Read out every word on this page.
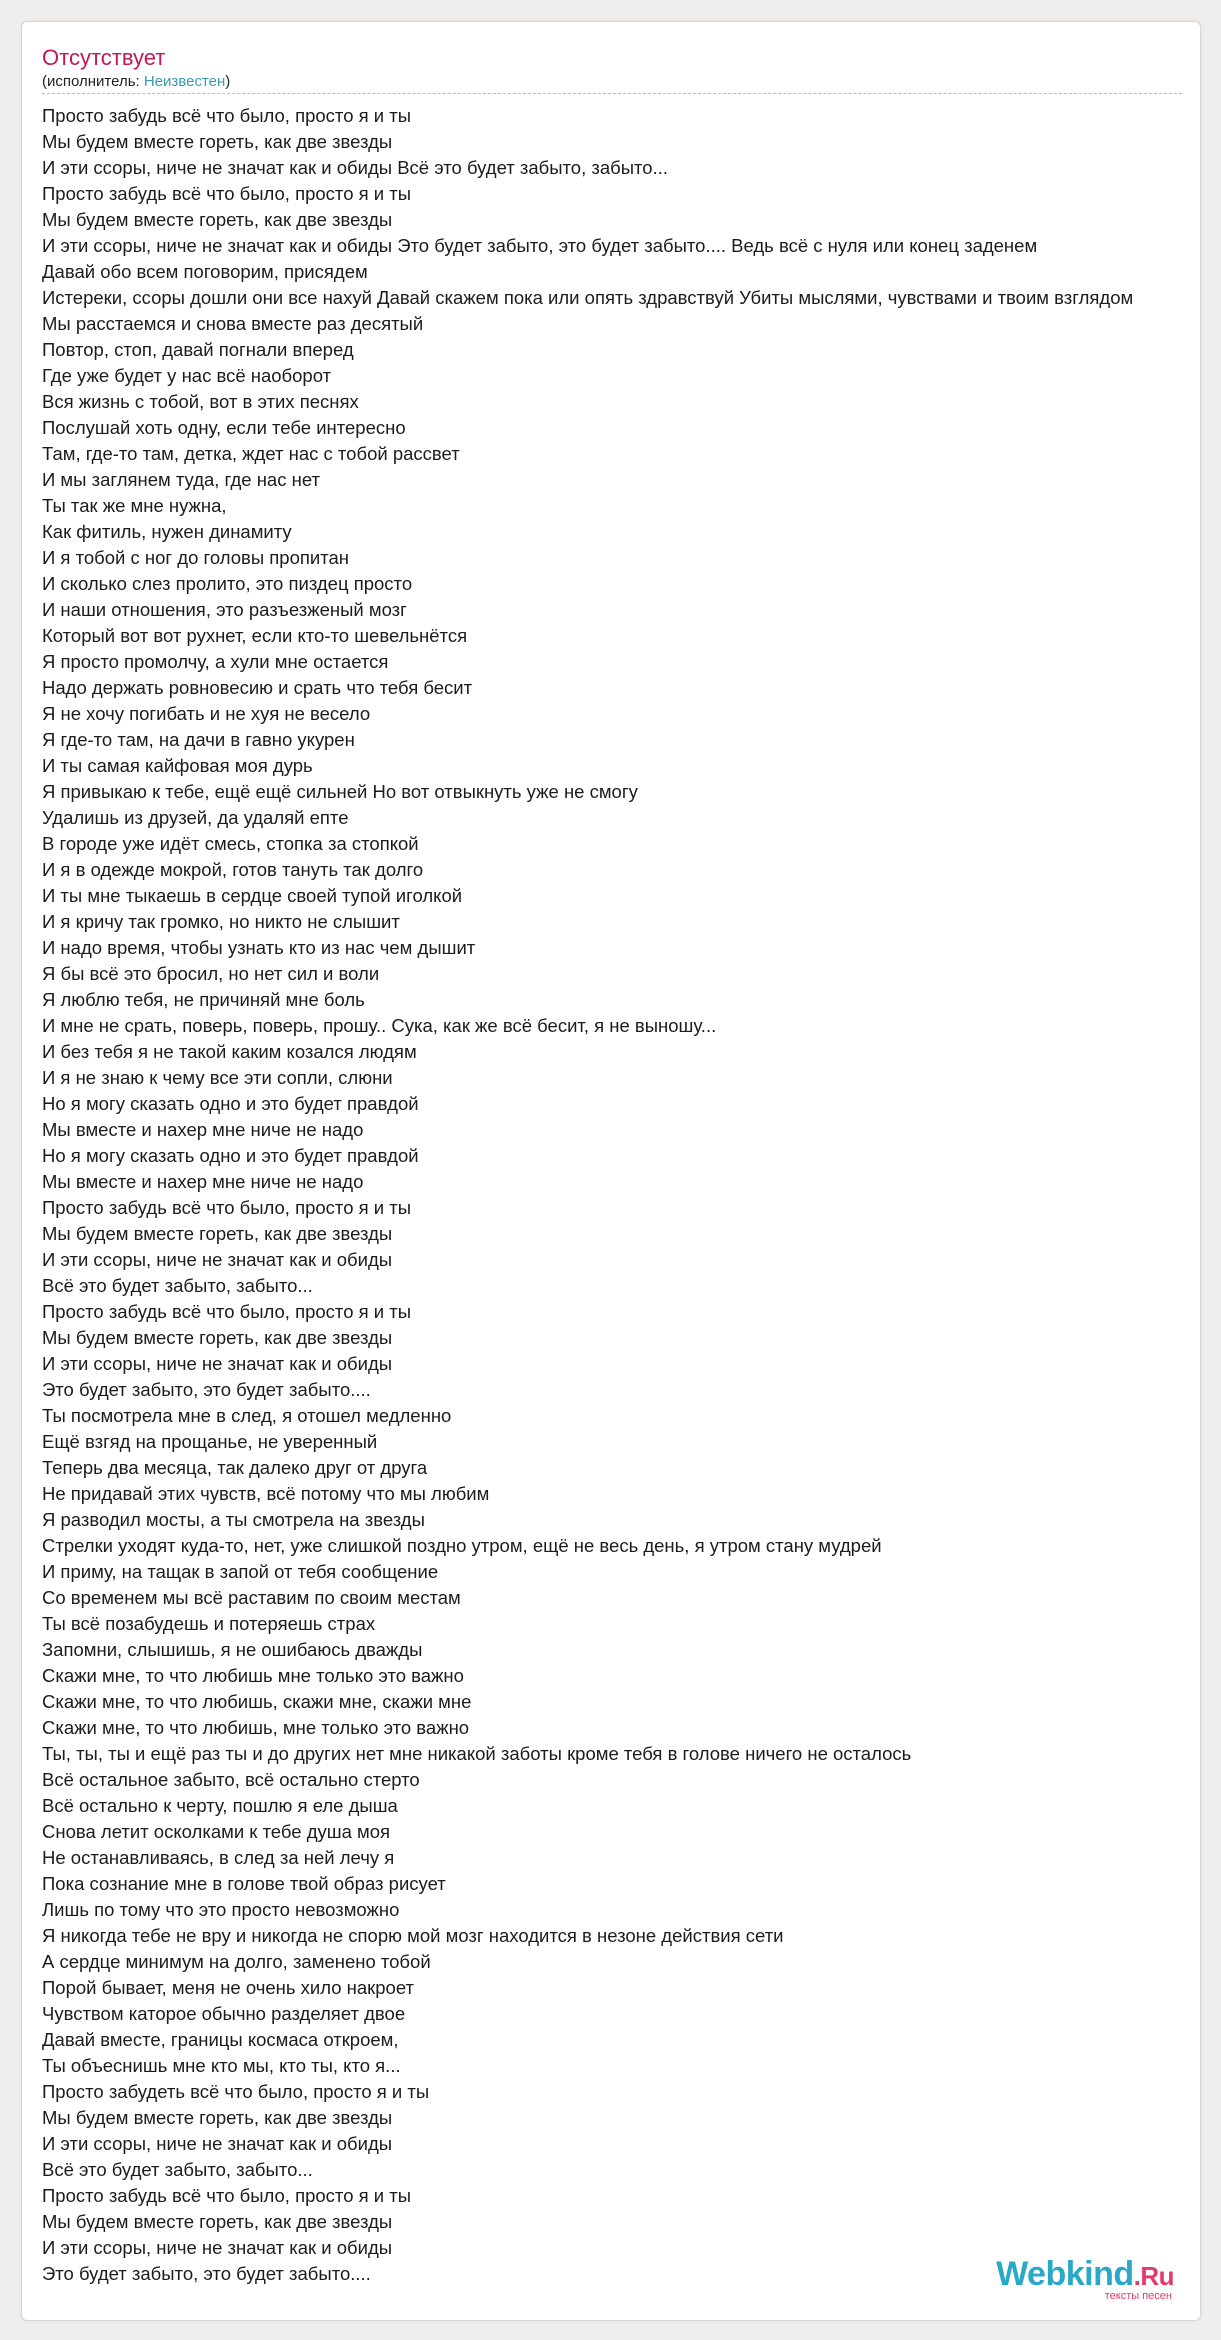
Отсутствует
(исполнитель: Неизвестен)
Просто забудь всё что было, просто я и ты
Мы будем вместе гореть, как две звезды
И эти ссоры, ниче не значат как и обиды Всё это будет забыто, забыто...
Просто забудь всё что было, просто я и ты
Мы будем вместе гореть, как две звезды
И эти ссоры, ниче не значат как и обиды Это будет забыто, это будет забыто.... Ведь всё с нуля или конец заденем
Давай обо всем поговорим, присядем
Истереки, ссоры дошли они все нахуй Давай скажем пока или опять здравствуй Убиты мыслями, чувствами и твоим взглядом
Мы расстаемся и снова вместе раз десятый
Повтор, стоп, давай погнали вперед
Где уже будет у нас всё наоборот
Вся жизнь с тобой, вот в этих песнях
Послушай хоть одну, если тебе интересно
Там, где-то там, детка, ждет нас с тобой рассвет
И мы заглянем туда, где нас нет
Ты так же мне нужна,
Как фитиль, нужен динамиту
И я тобой с ног до головы пропитан
И сколько слез пролито, это пиздец просто
И наши отношения, это разъезженый мозг
Который вот вот рухнет, если кто-то шевельнётся
Я просто промолчу, а хули мне остается
Надо держать ровновесию и срать что тебя бесит
Я не хочу погибать и не хуя не весело
Я где-то там, на дачи в гавно укурен
И ты самая кайфовая моя дурь
Я привыкаю к тебе, ещё ещё сильней Но вот отвыкнуть уже не смогу
Удалишь из друзей, да удаляй епте
В городе уже идёт смесь, стопка за стопкой
И я в одежде мокрой, готов тануть так долго
И ты мне тыкаешь в сердце своей тупой иголкой
И я кричу так громко, но никто не слышит
И надо время, чтобы узнать кто из нас чем дышит
Я бы всё это бросил, но нет сил и воли
Я люблю тебя, не причиняй мне боль
И мне не срать, поверь, поверь, прошу.. Сука, как же всё бесит, я не выношу...
И без тебя я не такой каким козался людям
И я не знаю к чему все эти сопли, слюни
Но я могу сказать одно и это будет правдой
Мы вместе и нахер мне ниче не надо
Но я могу сказать одно и это будет правдой
Мы вместе и нахер мне ниче не надо
Просто забудь всё что было, просто я и ты
Мы будем вместе гореть, как две звезды
И эти ссоры, ниче не значат как и обиды
Всё это будет забыто, забыто...
Просто забудь всё что было, просто я и ты
Мы будем вместе гореть, как две звезды
И эти ссоры, ниче не значат как и обиды
Это будет забыто, это будет забыто....
Ты посмотрела мне в след, я отошел медленно
Ещё взгяд на прощанье, не уверенный
Теперь два месяца, так далеко друг от друга
Не придавай этих чувств, всё потому что мы любим
Я разводил мосты, а ты смотрела на звезды
Стрелки уходят куда-то, нет, уже слишкой поздно утром, ещё не весь день, я утром стану мудрей
И приму, на тащак в запой от тебя сообщение
Со временем мы всё раставим по своим местам
Ты всё позабудешь и потеряешь страх
Запомни, слышишь, я не ошибаюсь дважды
Скажи мне, то что любишь мне только это важно
Скажи мне, то что любишь, скажи мне, скажи мне
Скажи мне, то что любишь, мне только это важно
Ты, ты, ты и ещё раз ты и до других нет мне никакой заботы кроме тебя в голове ничего не осталось
Всё остальное забыто, всё остально стерто
Всё остально к черту, пошлю я еле дыша
Снова летит осколками к тебе душа моя
Не останавливаясь, в след за ней лечу я
Пока сознание мне в голове твой образ рисует
Лишь по тому что это просто невозможно
Я никогда тебе не вру и никогда не спорю мой мозг находится в незоне действия сети
А сердце минимум на долго, заменено тобой
Порой бывает, меня не очень хило накроет
Чувством каторое обычно разделяет двое
Давай вместе, границы космаса откроем,
Ты объеснишь мне кто мы, кто ты, кто я...
Просто забудеть всё что было, просто я и ты
Мы будем вместе гореть, как две звезды
И эти ссоры, ниче не значат как и обиды
Всё это будет забыто, забыто...
Просто забудь всё что было, просто я и ты
Мы будем вместе гореть, как две звезды
И эти ссоры, ниче не значат как и обиды
Это будет забыто, это будет забыто....	Webkind.Ru
тексты песен
